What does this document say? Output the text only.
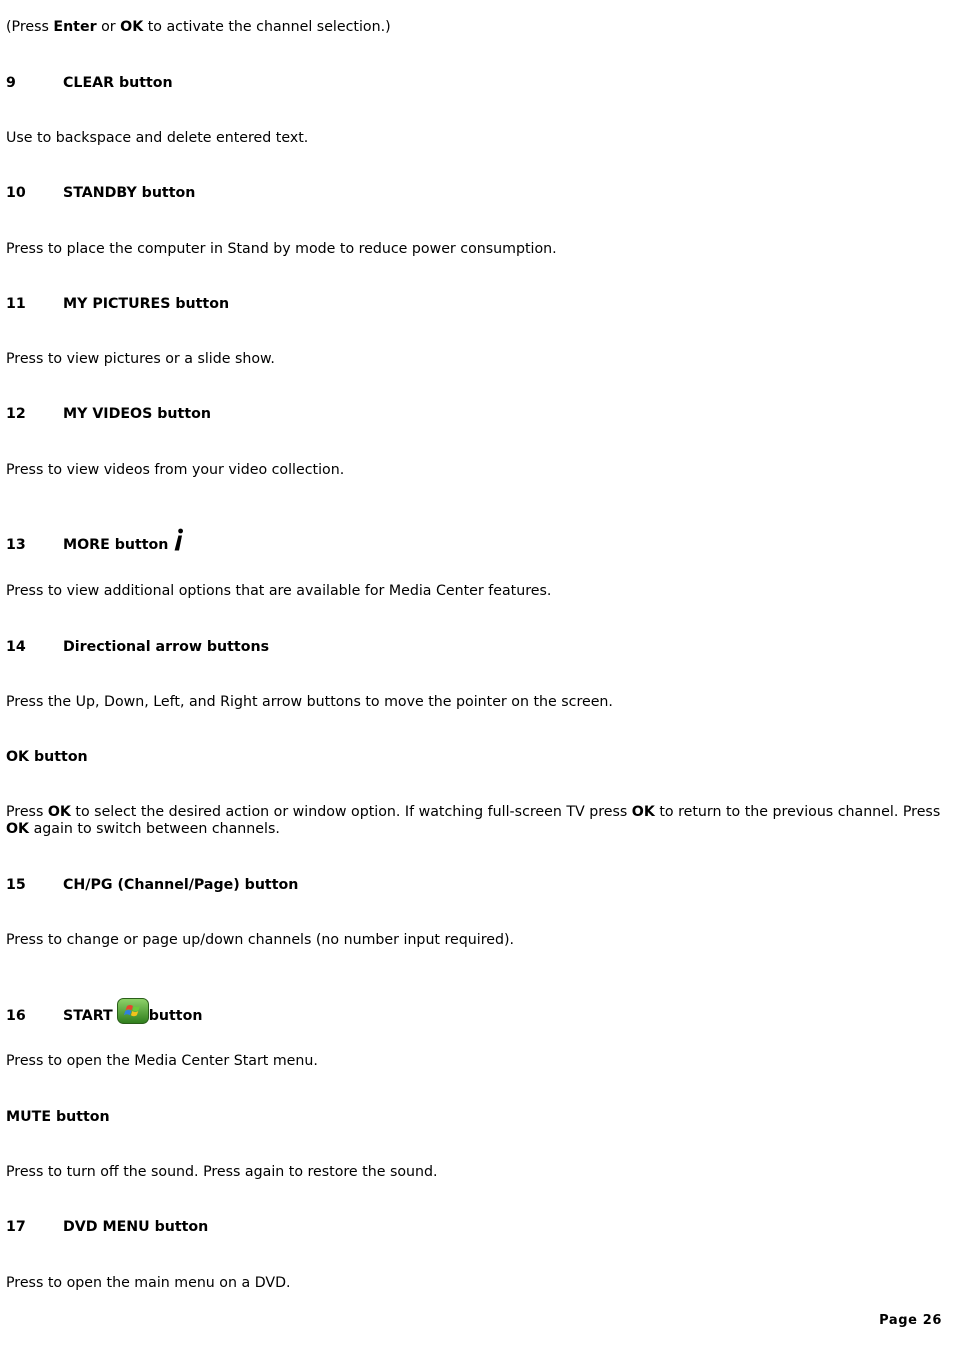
(Press Enter or OK to activate the channel selection.)
9	CLEAR button
Use to backspace and delete entered text.
10	STANDBY button
Press to place the computer in Stand by mode to reduce power consumption.
11	MY PICTURES button
Press to view pictures or a slide show.
12	MY VIDEOS button
Press to view videos from your video collection.
13	MORE button
Press to view additional options that are available for Media Center features.
14	Directional arrow buttons
Press the Up, Down, Left, and Right arrow buttons to move the pointer on the screen.
OK button
Press OK to select the desired action or window option. If watching full-screen TV press OK to return to the previous channel. Press OK again to switch between channels.
15	CH/PG (Channel/Page) button
Press to change or page up/down channels (no number input required).
16	START	button
Press to open the Media Center Start menu.
MUTE button
Press to turn off the sound. Press again to restore the sound.
17	DVD MENU button
Press to open the main menu on a DVD.
Page 26
